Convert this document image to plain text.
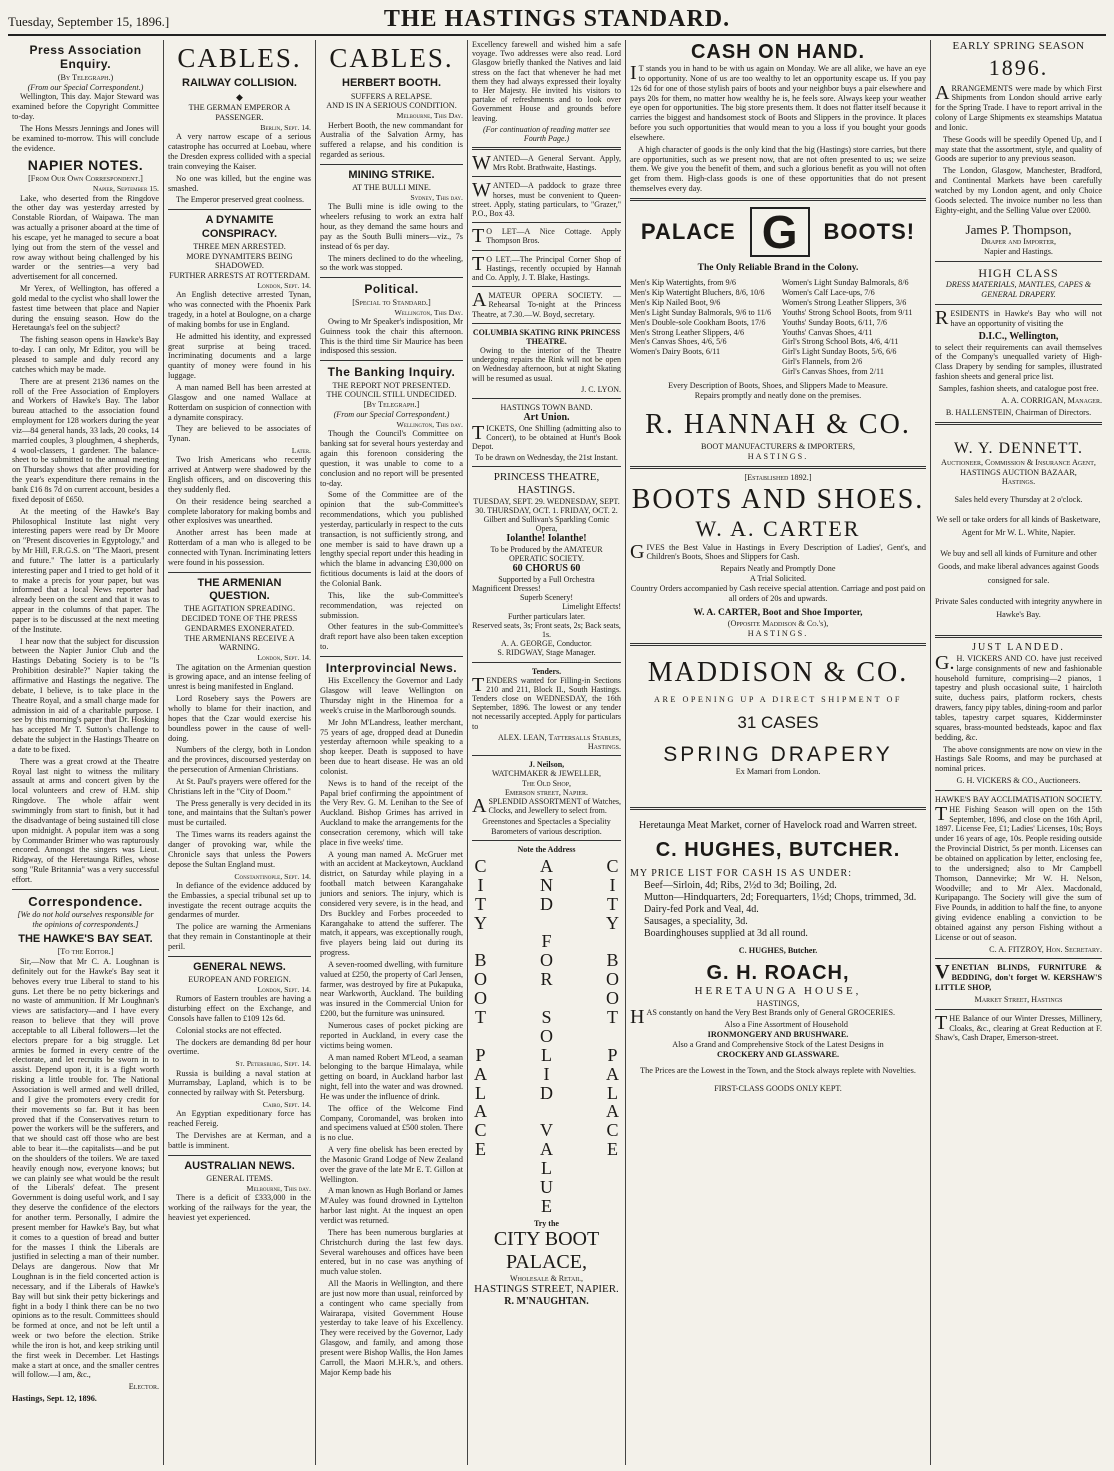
Tuesday, September 15, 1896.]	THE HASTINGS STANDARD.
Press Association Enquiry.
(By Telegraph.)
(From our Special Correspondent.)

Wellington, This day. Major Steward was examined before the Copyright Committee to-day.

The Hons Messrs Jennings and Jones will be examined to-morrow. This will conclude the evidence.

NAPIER NOTES.
[From Our Own Correspondent.]
Napier, September 15.

Lake, who deserted from the Ringdove the other day was yesterday arrested by Constable Riordan, of Waipawa. The man was actually a prisoner aboard at the time of his escape, yet he managed to secure a boat lying out from the stern of the vessel and row away without being challenged by his warder or the sentries—a very bad advertisement for all concerned.

Mr Yerex, of Wellington, has offered a gold medal to the cyclist who shall lower the fastest time between that place and Napier during the ensuing season. How do the Heretaunga's feel on the subject?

The fishing season opens in Hawke's Bay to-day. I can only, Mr Editor, you will be pleased to sample and duly record any catches which may be made.

There are at present 2136 names on the roll of the Free Association of Employers and Workers of Hawke's Bay. The labor bureau attached to the association found employment for 128 workers during the year viz—84 general hands, 33 lads, 20 cooks, 14 married couples, 3 ploughmen, 4 shepherds, 4 wool-classers, 1 gardener. The balance-sheet to be submitted to the annual meeting on Thursday shows that after providing for the year's expenditure there remains in the bank £16 8s 7d on current account, besides a fixed deposit of £650.

At the meeting of the Hawke's Bay Philosophical Institute last night very interesting papers were read by Dr Moore on "Present discoveries in Egyptology," and by Mr Hill, F.R.G.S. on "The Maori, present and future." The latter is a particularly interesting paper and I tried to get hold of it to make a precis for your paper, but was informed that a local News reporter had already been on the scent and that it was to appear in the columns of that paper. The paper is to be discussed at the next meeting of the Institute.

I hear now that the subject for discussion between the Napier Junior Club and the Hastings Debating Society is to be "Is Prohibition desirable?" Napier taking the affirmative and Hastings the negative. The debate, I believe, is to take place in the Theatre Royal, and a small charge made for admission in aid of a charitable purpose. I see by this morning's paper that Dr. Hosking has accepted Mr T. Sutton's challenge to debate the subject in the Hastings Theatre on a date to be fixed.

There was a great crowd at the Theatre Royal last night to witness the military assault at arms and concert given by the local volunteers and crew of H.M. ship Ringdove. The whole affair went swimmingly from start to finish, but it had the disadvantage of being sustained till close upon midnight. A popular item was a song by Commander Brimer who was rapturously encored. Amongst the singers was Lieut. Ridgway, of the Heretaunga Rifles, whose song "Rule Britannia" was a very successful effort.

Correspondence.
[We do not hold ourselves responsible for the opinions of correspondents.]
THE HAWKE'S BAY SEAT.
[To the Editor.]

Sir,—Now that Mr C. A. Loughnan is definitely out for the Hawke's Bay seat it behoves every true Liberal to stand to his guns. Let there be no petty bickerings and no waste of ammunition. If Mr Loughnan's views are satisfactory—and I have every reason to believe that they will prove acceptable to all Liberal followers—let the electors prepare for a big struggle. Let armies be formed in every centre of the electorate, and let recruits be sworn in to assist. Depend upon it, it is a fight worth risking a little trouble for. The National Association is well armed and well drilled, and I give the promoters every credit for their movements so far. But it has been proved that if the Conservatives return to power the workers will be the sufferers, and that we should cast off those who are best able to bear it—the capitalists—and be put on the shoulders of the toilers. We are taxed heavily enough now, everyone knows; but we can plainly see what would be the result of the Liberals' defeat. The present Government is doing useful work, and I say they deserve the confidence of the electors for another term. Personally, I admire the present member for Hawke's Bay, but what it comes to a question of bread and butter for the masses I think the Liberals are justified in selecting a man of their number. Delays are dangerous. Now that Mr Loughnan is in the field concerted action is necessary, and if the Liberals of Hawke's Bay will but sink their petty bickerings and fight in a body I think there can be no two opinions as to the result. Committees should be formed at once, and not be left until a week or two before the election. Strike while the iron is hot, and keep striking until the first week in December. Let Hastings make a start at once, and the smaller centres will follow.—I am, &c.,

Elector.
Hastings, Sept. 12, 1896.
CABLES.
RAILWAY COLLISION.
◆
THE GERMAN EMPEROR A PASSENGER.
Berlin, Sept. 14.

A very narrow escape of a serious catastrophe has occurred at Loebau, where the Dresden express collided with a special train conveying the Kaiser.

No one was killed, but the engine was smashed.

The Emperor preserved great coolness.

A DYNAMITE CONSPIRACY.
THREE MEN ARRESTED.
MORE DYNAMITERS BEING SHADOWED.
FURTHER ARRESTS AT ROTTERDAM.
London, Sept. 14.

An English detective arrested Tynan, who was connected with the Phoenix Park tragedy, in a hotel at Boulogne, on a charge of making bombs for use in England.

He admitted his identity, and expressed great surprise at being traced. Incriminating documents and a large quantity of money were found in his luggage.

A man named Bell has been arrested at Glasgow and one named Wallace at Rotterdam on suspicion of connection with a dynamite conspiracy.

They are believed to be associates of Tynan.

Later.

Two Irish Americans who recently arrived at Antwerp were shadowed by the English officers, and on discovering this they suddenly fled.

On their residence being searched a complete laboratory for making bombs and other explosives was unearthed.

Another arrest has been made at Rotterdam of a man who is alleged to be connected with Tynan. Incriminating letters were found in his possession.

THE ARMENIAN QUESTION.
THE AGITATION SPREADING.
DECIDED TONE OF THE PRESS
GENDARMES EXONERATED.
THE ARMENIANS RECEIVE A WARNING.
London, Sept. 14.

The agitation on the Armenian question is growing apace, and an intense feeling of unrest is being manifested in England.

Lord Rosebery says the Powers are wholly to blame for their inaction, and hopes that the Czar would exercise his boundless power in the cause of well-doing.

Numbers of the clergy, both in London and the provinces, discoursed yesterday on the persecution of Armenian Christians.

At St. Paul's prayers were offered for the Christians left in the "City of Doom."

The Press generally is very decided in its tone, and maintains that the Sultan's power must be curtailed.

The Times warns its readers against the danger of provoking war, while the Chronicle says that unless the Powers depose the Sultan England must.

Constantinople, Sept. 14.

In defiance of the evidence adduced by the Embassies, a special tribunal set up to investigate the recent outrage acquits the gendarmes of murder.

The police are warning the Armenians that they remain in Constantinople at their peril.

GENERAL NEWS.
EUROPEAN AND FOREIGN.
London, Sept. 14.

Rumors of Eastern troubles are having a disturbing effect on the Exchange, and Consols have fallen to £109 12s 6d.

Colonial stocks are not effected.

The dockers are demanding 8d per hour overtime.

St. Petersburg, Sept. 14.

Russia is building a naval station at Murramsbay, Lapland, which is to be connected by railway with St. Petersburg.

Cairo, Sept. 14.

An Egyptian expeditionary force has reached Fereig.

The Dervishes are at Kerman, and a battle is imminent.

AUSTRALIAN NEWS.
GENERAL ITEMS.
Melbourne, This day.

There is a deficit of £333,000 in the working of the railways for the year, the heaviest yet experienced.

CABLES.
HERBERT BOOTH.
SUFFERS A RELAPSE.
AND IS IN A SERIOUS CONDITION.
Melbourne, This Day.

Herbert Booth, the new commandant for Australia of the Salvation Army, has suffered a relapse, and his condition is regarded as serious.

MINING STRIKE.
AT THE BULLI MINE.
Sydney, This day.

The Bulli mine is idle owing to the wheelers refusing to work an extra half hour, as they demand the same hours and pay as the South Bulli miners—viz., 7s instead of 6s per day.

The miners declined to do the wheeling, so the work was stopped.

Political.
[Special to Standard.]
Wellington, This Day.

Owing to Mr Speaker's indisposition, Mr Guinness took the chair this afternoon. This is the third time Sir Maurice has been indisposed this session.

The Banking Inquiry.
THE REPORT NOT PRESENTED.
THE COUNCIL STILL UNDECIDED.
[By Telegraph.]
(From our Special Correspondent.)
Wellington, This day.

Though the Council's Committee on banking sat for several hours yesterday and again this forenoon considering the question, it was unable to come to a conclusion and no report will be presented to-day.

Some of the Committee are of the opinion that the sub-Committee's recommendations, which you published yesterday, particularly in respect to the cuts transaction, is not sufficiently strong, and one member is said to have drawn up a lengthy special report under this heading in which the blame in advancing £30,000 on fictitious documents is laid at the doors of the Colonial Bank.

This, like the sub-Committee's recommendation, was rejected on submission.

Other features in the sub-Committee's draft report have also been taken exception to.

Interprovincial News.

His Excellency the Governor and Lady Glasgow will leave Wellington on Thursday night in the Hinemoa for a week's cruise in the Marlborough sounds.

Mr John M'Landress, leather merchant, 75 years of age, dropped dead at Dunedin yesterday afternoon while speaking to a shop keeper. Death is supposed to have been due to heart disease. He was an old colonist.

News is to hand of the receipt of the Papal brief confirming the appointment of the Very Rev. G. M. Lenihan to the See of Auckland. Bishop Grimes has arrived in Auckland to make the arrangements for the consecration ceremony, which will take place in five weeks' time.

A young man named A. McGruer met with an accident at Mackeytown, Auckland district, on Saturday while playing in a football match between Karangahake juniors and seniors. The injury, which is considered very severe, is in the head, and Drs Buckley and Forbes proceeded to Karangahake to attend the sufferer. The match, it appears, was exceptionally rough, five players being laid out during its progress.

A seven-roomed dwelling, with furniture valued at £250, the property of Carl Jensen, farmer, was destroyed by fire at Pukapuka, near Warkworth, Auckland. The building was insured in the Commercial Union for £200, but the furniture was uninsured.

Numerous cases of pocket picking are reported in Auckland, in every case the victims being women.

A man named Robert M'Leod, a seaman belonging to the barque Himalaya, while getting on board, in Auckland harbor last night, fell into the water and was drowned. He was under the influence of drink.

The office of the Welcome Find Company, Coromandel, was broken into and specimens valued at £500 stolen. There is no clue.

A very fine obelisk has been erected by the Masonic Grand Lodge of New Zealand over the grave of the late Mr E. T. Gillon at Wellington.

A man known as Hugh Borland or James M'Auley was found drowned in Lyttelton harbor last night. At the inquest an open verdict was returned.

There has been numerous burglaries at Christchurch during the last few days. Several warehouses and offices have been entered, but in no case was anything of much value stolen.

All the Maoris in Wellington, and there are just now more than usual, reinforced by a contingent who came specially from Wairarapa, visited Government House yesterday to take leave of his Excellency. They were received by the Governor, Lady Glasgow, and family, and among those present were Bishop Wallis, the Hon James Carroll, the Maori M.H.R.'s, and others. Major Kemp bade his

Excellency farewell and wished him a safe voyage. Two addresses were also read. Lord Glasgow briefly thanked the Natives and laid stress on the fact that whenever he had met them they had always expressed their loyalty to Her Majesty. He invited his visitors to partake of refreshments and to look over Government House and grounds before leaving.

(For continuation of reading matter see Fourth Page.)

WANTED—A General Servant. Apply, Mrs Robt. Brathwaite, Hastings.

WANTED—A paddock to graze three horses, must be convenient to Queen-street. Apply, stating particulars, to "Grazer," P.O., Box 43.

TO LET—A Nice Cottage. Apply Thompson Bros.

TO LET.—The Principal Corner Shop of Hastings, recently occupied by Hannah and Co. Apply, J. T. Blake, Hastings.

AMATEUR OPERA SOCIETY. —Rehearsal To-night at the Princess Theatre, at 7.30.—W. Boyd, secretary.

COLUMBIA SKATING RINK PRINCESS THEATRE.

Owing to the interior of the Theatre undergoing repairs the Rink will not be open on Wednesday afternoon, but at night Skating will be resumed as usual.

J. C. LYON.
HASTINGS TOWN BAND.
Art Union.

TICKETS, One Shilling (admitting also to Concert), to be obtained at Hunt's Book Depot.

To be drawn on Wednesday, the 21st Instant.
PRINCESS THEATRE, HASTINGS.
TUESDAY, SEPT. 29. WEDNESDAY, SEPT. 30. THURSDAY, OCT. 1. FRIDAY, OCT. 2.
Gilbert and Sullivan's Sparkling Comic Opera,
Iolanthe! Iolanthe!
To be Produced by the AMATEUR OPERATIC SOCIETY.
60 CHORUS 60
Supported by a Full Orchestra
Magnificent Dresses!
Superb Scenery!
Limelight Effects!
Further particulars later.
Reserved seats, 3s; Front seats, 2s; Back seats, 1s.
A. A. GEORGE, Conductor.
S. RIDGWAY, Stage Manager.
Tenders.

TENDERS wanted for Filling-in Sections 210 and 211, Block II., South Hastings. Tenders close on WEDNESDAY, the 16th September, 1896. The lowest or any tender not necessarily accepted. Apply for particulars to

ALEX. LEAN, Tattersalls Stables, Hastings.
J. Neilson,
WATCHMAKER & JEWELLER,
The Old Shop,
Emerson street, Napier.

ASPLENDID ASSORTMENT of Watches, Clocks, and Jewellery to select from.

Greenstones and Spectacles a Speciality
Barometers of various description.
Note the Address
C
I
T
Y

B
O
O
T

P
A
L
A
C
E
A
N
D

F
O
R

S
O
L
I
D

V
A
L
U
E
C
I
T
Y

B
O
O
T

P
A
L
A
C
E
Try the
CITY BOOT PALACE,
Wholesale & Retail,
HASTINGS STREET, NAPIER.
R. M'NAUGHTAN.
CASH ON HAND.

IT stands you in hand to be with us again on Monday. We are all alike, we have an eye to opportunity. None of us are too wealthy to let an opportunity escape us. If you pay 12s 6d for one of those stylish pairs of boots and your neighbor buys a pair elsewhere and pays 20s for them, no matter how wealthy he is, he feels sore. Always keep your weather eye open for opportunities. The big store presents them. It does not flatter itself because it carries the biggest and handsomest stock of Boots and Slippers in the province. It places before you such opportunities that would mean to you a loss if you bought your goods elsewhere.

A high character of goods is the only kind that the big (Hastings) store carries, but there are opportunities, such as we present now, that are not often presented to us; we seize them. We give you the benefit of them, and such a glorious benefit as you will not often get from them. High-class goods is one of these opportunities that do not present themselves every day.

PALACE G	BOOTS!
The Only Reliable Brand in the Colony.
Men's Kip Watertights, from 9/6
Men's Kip Watertight Bluchers, 8/6, 10/6
Men's Kip Nailed Boot, 9/6
Men's Light Sunday Balmorals, 9/6 to 11/6
Men's Double-sole Cookham Boots, 17/6
Men's Strong Leather Slippers, 4/6
Men's Canvas Shoes, 4/6, 5/6
Women's Dairy Boots, 6/11
Women's Light Sunday Balmorals, 8/6
Women's Calf Lace-ups, 7/6
Women's Strong Leather Slippers, 3/6
Youths' Strong School Boots, from 9/11
Youths' Sunday Boots, 6/11, 7/6
Youths' Canvas Shoes, 4/11
Girl's Strong School Bots, 4/6, 4/11
Girl's Light Sunday Boots, 5/6, 6/6
Girl's Flannels, from 2/6
Girl's Canvas Shoes, from 2/11
Every Description of Boots, Shoes, and Slippers Made to Measure.
Repairs promptly and neatly done on the premises.
R. HANNAH & CO.
BOOT MANUFACTURERS & IMPORTERS,
HASTINGS.
[Established 1892.]
BOOTS AND SHOES.
W. A. CARTER

GIVES the Best Value in Hastings in Every Description of Ladies', Gent's, and Children's Boots, Shoes and Slippers for Cash.

Repairs Neatly and Promptly Done
A Trial Solicited.
Country Orders accompanied by Cash receive special attention. Carriage and post paid on all orders of 20s and upwards.
W. A. CARTER, Boot and Shoe Importer,
(Opposite Maddison & Co.'s),
HASTINGS.
MADDISON & CO.
ARE OPENING UP A DIRECT SHIPMENT OF
31 CASES
SPRING DRAPERY
Ex Mamari from London.
Heretaunga Meat Market, corner of Havelock road and Warren street.
C. HUGHES, BUTCHER.
MY PRICE LIST FOR CASH IS AS UNDER:
Beef—Sirloin, 4d; Ribs, 2½d to 3d; Boiling, 2d.
Mutton—Hindquarters, 2d; Forequarters, 1½d; Chops, trimmed, 3d.
Dairy-fed Pork and Veal, 4d.
Sausages, a speciality, 3d.
Boardinghouses supplied at 3d all round.
C. HUGHES, Butcher.
G. H. ROACH,
HERETAUNGA HOUSE,
HASTINGS,

HAS constantly on hand the Very Best Brands only of General GROCERIES.

Also a Fine Assortment of Household
IRONMONGERY AND BRUSHWARE.
Also a Grand and Comprehensive Stock of the Latest Designs in
CROCKERY AND GLASSWARE.
The Prices are the Lowest in the Town, and the Stock always replete with Novelties.
FIRST-CLASS GOODS ONLY KEPT.
EARLY SPRING SEASON
1896.

ARRANGEMENTS were made by which First Shipments from London should arrive early for the Spring Trade. I have to report arrival in the colony of Large Shipments ex steamships Matatua and Ionic.

These Goods will be speedily Opened Up, and I may state that the assortment, style, and quality of Goods are superior to any previous season.

The London, Glasgow, Manchester, Bradford, and Continental Markets have been carefully watched by my London agent, and only Choice Goods selected. The invoice number no less than Eighty-eight, and the Selling Value over £2000.

James P. Thompson,
Draper and Importer,
Napier and Hastings.
HIGH CLASS
DRESS MATERIALS, MANTLES, CAPES & GENERAL DRAPERY.

RESIDENTS in Hawke's Bay who will not have an opportunity of visiting the

D.I.C., Wellington,

to select their requirements can avail themselves of the Company's unequalled variety of High-Class Drapery by sending for samples, illustrated fashion sheets and general price list.

Samples, fashion sheets, and catalogue post free.
A. A. CORRIGAN, Manager.
B. HALLENSTEIN, Chairman of Directors.
W. Y. DENNETT.
Auctioneer, Commission & Insurance Agent,
HASTINGS AUCTION BAZAAR,
Hastings.
Sales held every Thursday at 2 o'clock.
We sell or take orders for all kinds of Basketware, Agent for Mr W. L. White, Napier.
We buy and sell all kinds of Furniture and other Goods, and make liberal advances against Goods consigned for sale.
Private Sales conducted with integrity anywhere in Hawke's Bay.
JUST LANDED.

G.H. VICKERS AND CO. have just received large consignments of new and fashionable household furniture, comprising—2 pianos, 1 tapestry and plush occasional suite, 1 haircloth suite, duchess pairs, platform rockers, chests drawers, fancy pipy tables, dining-room and parlor tables, tapestry carpet squares, Kidderminster squares, brass-mounted bedsteads, kapoc and flax bedding, &c.

The above consignments are now on view in the Hastings Sale Rooms, and may be purchased at nominal prices.

G. H. VICKERS & CO., Auctioneers.
HAWKE'S BAY ACCLIMATISATION SOCIETY.

THE Fishing Season will open on the 15th September, 1896, and close on the 16th April, 1897. License Fee, £1; Ladies' Licenses, 10s; Boys under 16 years of age, 10s. People residing outside the Provincial District, 5s per month. Licenses can be obtained on application by letter, enclosing fee, to the undersigned; also to Mr Campbell Thomson, Dannevirke; Mr W. H. Nelson, Woodville; and to Mr Alex. Macdonald, Kuripapango. The Society will give the sum of Five Pounds, in addition to half the fine, to anyone giving evidence enabling a conviction to be obtained against any person Fishing without a License or out of season.

C. A. FITZROY, Hon. Secretary.

VENETIAN BLINDS, FURNITURE & BEDDING, don't forget W. KERSHAW'S LITTLE SHOP,

Market Street, Hastings

THE Balance of our Winter Dresses, Millinery, Cloaks, &c., clearing at Great Reduction at F. Shaw's, Cash Draper, Emerson-street.
